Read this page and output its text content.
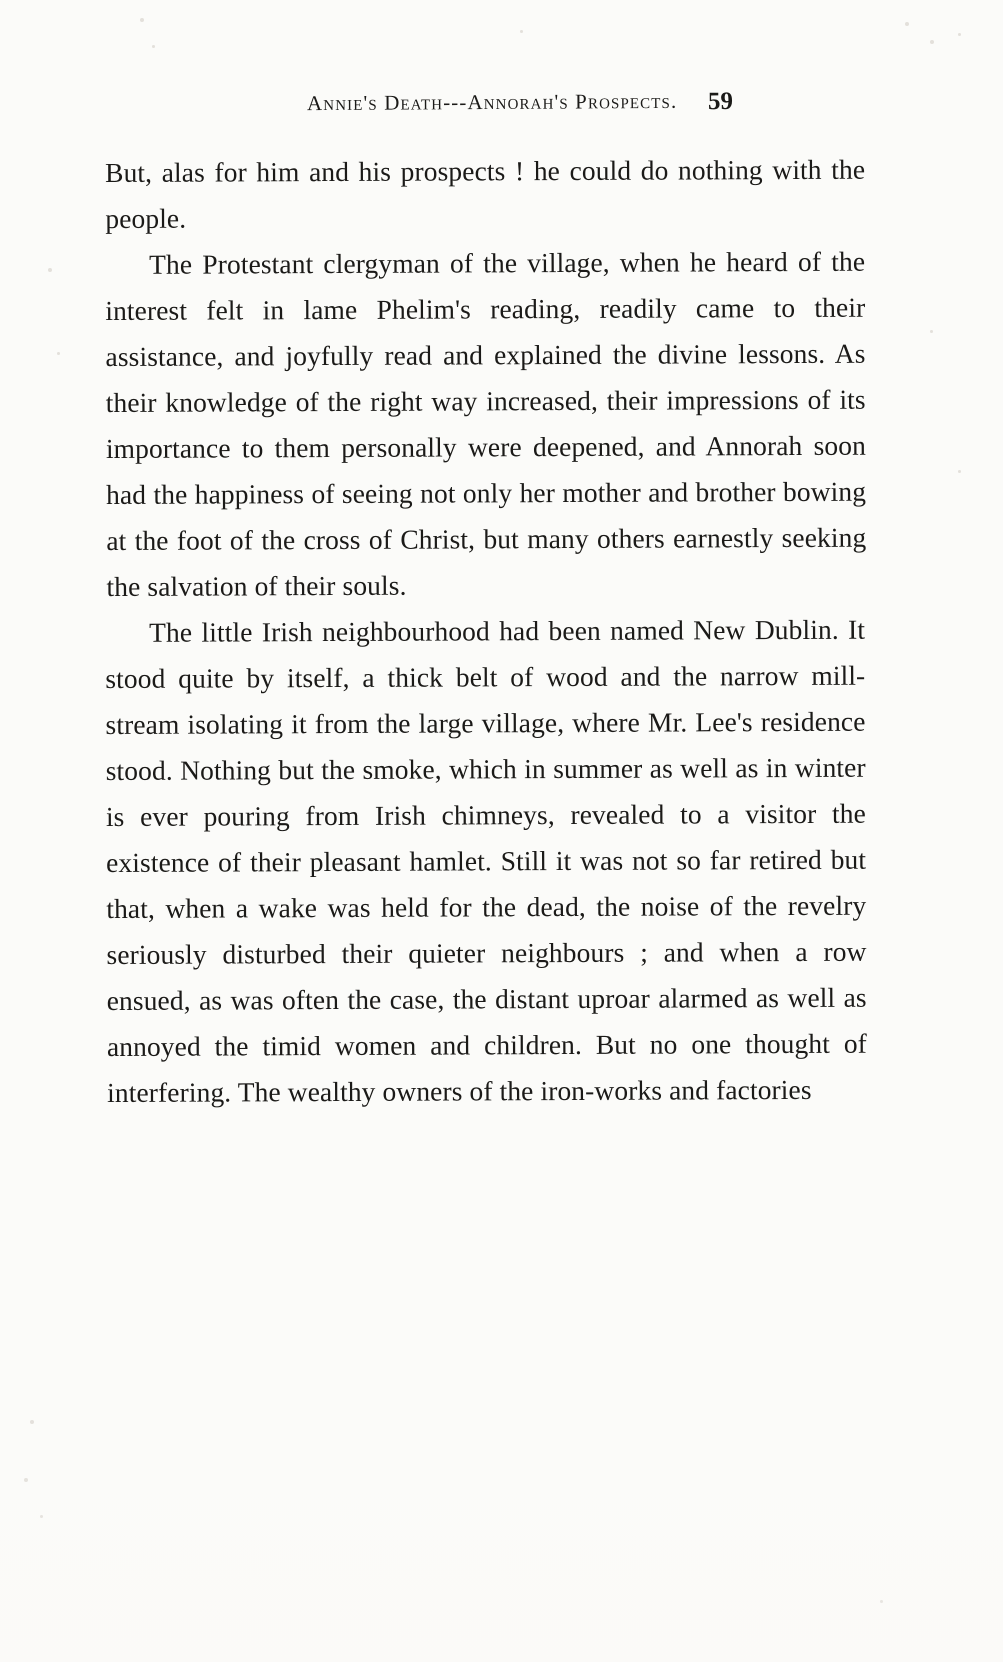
Annie's Death---Annorah's Prospects. 59

But, alas for him and his prospects ! he could do nothing with the people.

The Protestant clergyman of the village, when he heard of the interest felt in lame Phelim's reading, readily came to their assistance, and joyfully read and explained the divine lessons. As their knowledge of the right way increased, their impressions of its importance to them personally were deepened, and Annorah soon had the happiness of seeing not only her mother and brother bowing at the foot of the cross of Christ, but many others earnestly seeking the salvation of their souls.

The little Irish neighbourhood had been named New Dublin. It stood quite by itself, a thick belt of wood and the narrow mill-stream isolating it from the large village, where Mr. Lee's residence stood. Nothing but the smoke, which in summer as well as in winter is ever pouring from Irish chimneys, revealed to a visitor the existence of their pleasant hamlet. Still it was not so far retired but that, when a wake was held for the dead, the noise of the revelry seriously disturbed their quieter neighbours ; and when a row ensued, as was often the case, the distant uproar alarmed as well as annoyed the timid women and children. But no one thought of interfering. The wealthy owners of the iron-works and factories
